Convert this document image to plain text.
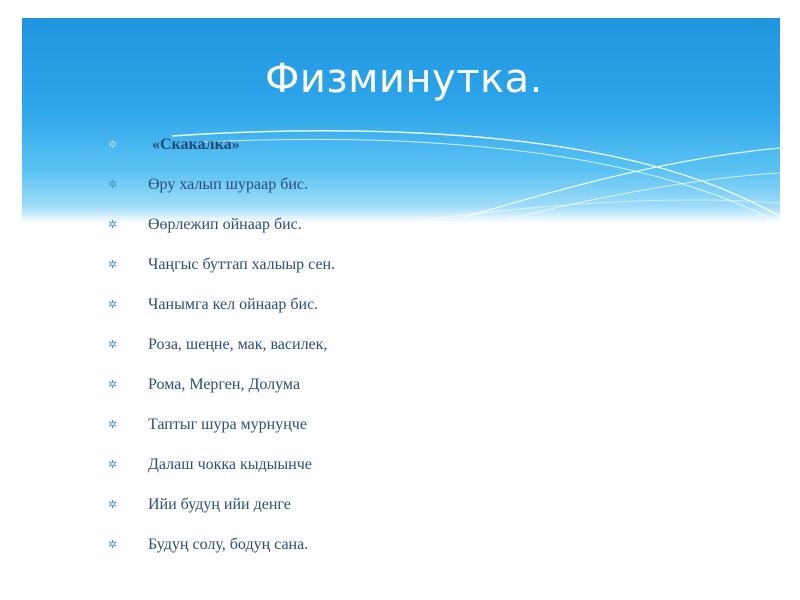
Физминутка.
✲	«Скакалка»
✲	Өру халып шураар бис.
✲	Өөрлежип ойнаар бис.
✲	Чаңгыс буттап халыыр сен.
✲	Чанымга кел ойнаар бис.
✲	Роза, шеңне, мак, василек,
✲	Рома, Мерген, Долума
✲	Таптыг шура мурнуңче
✲	Далаш чокка кыдыынче
✲	Ийи будуң ийи денге
✲	Будуң солу, бодуң сана.
